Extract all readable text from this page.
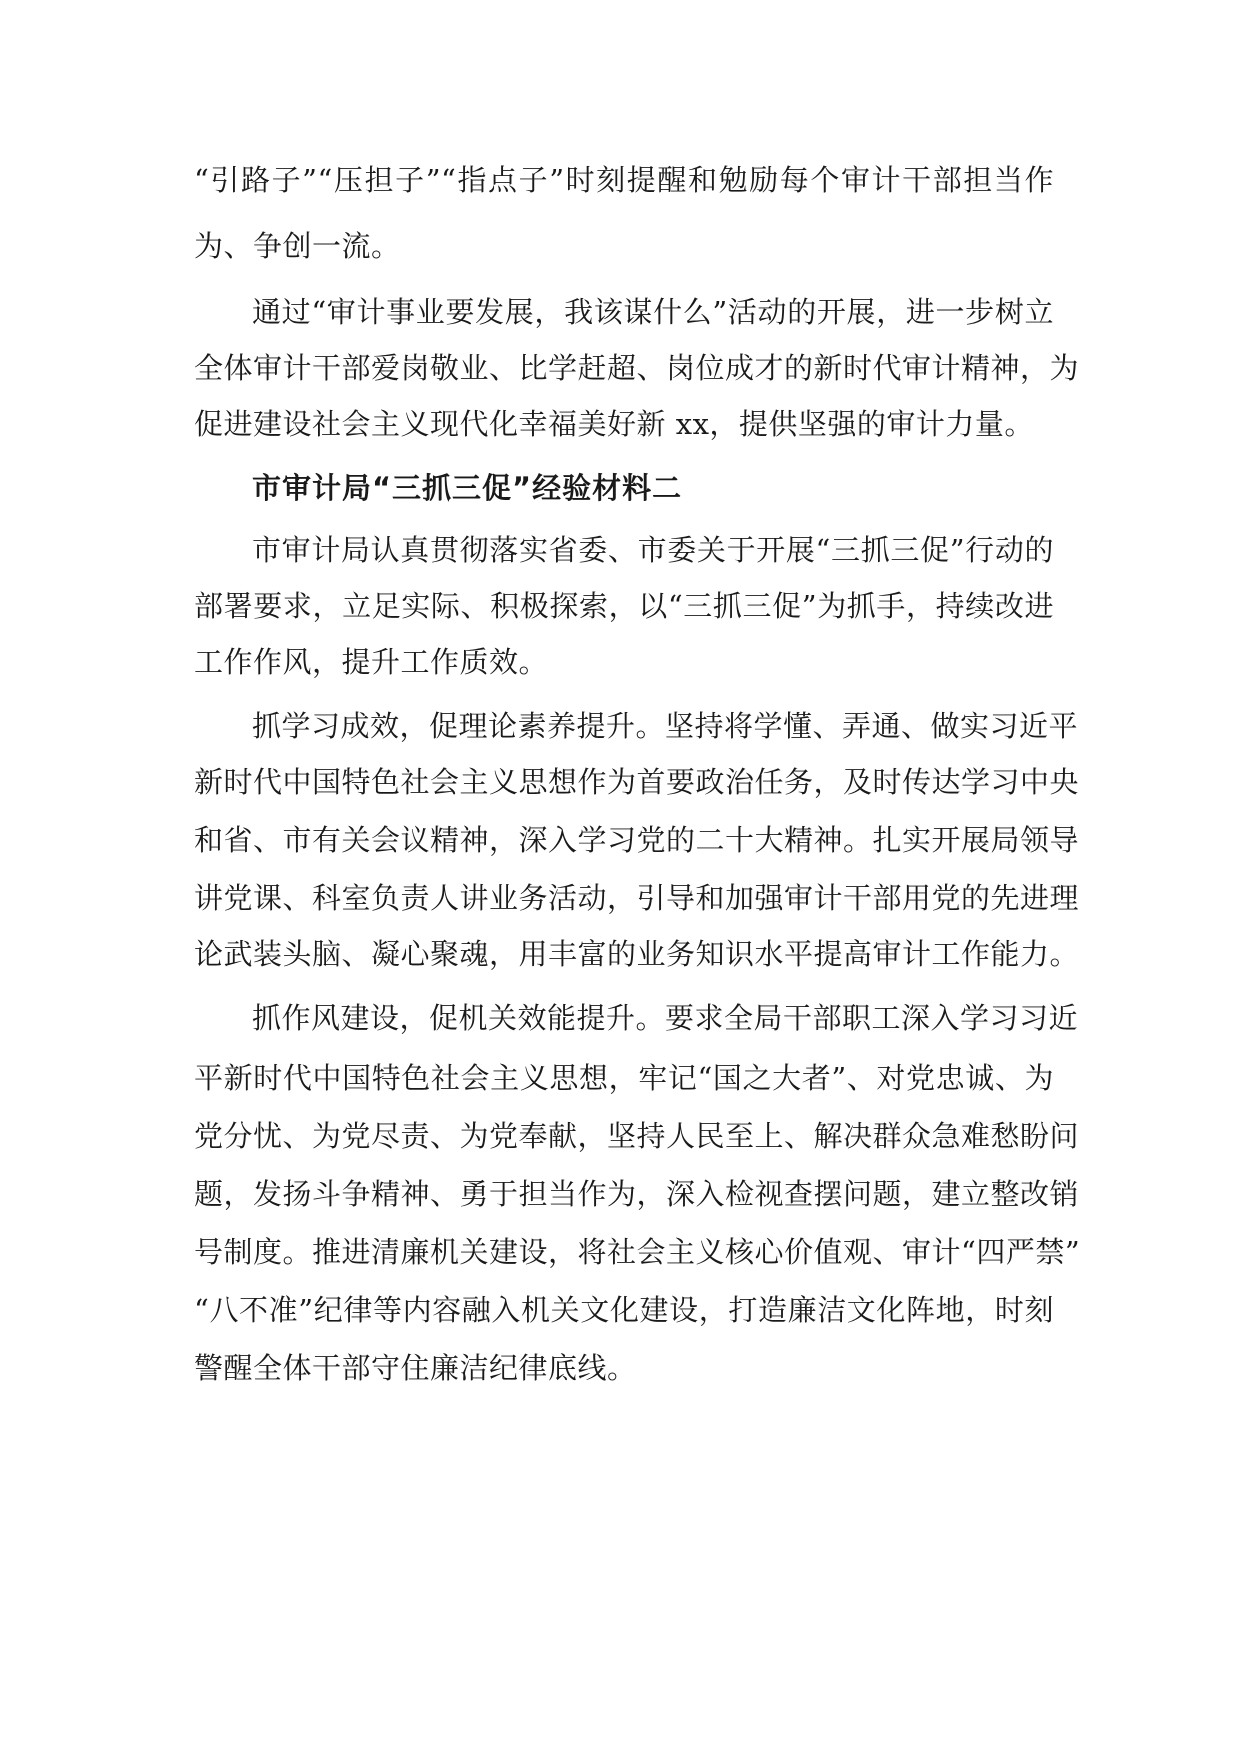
“引路子”“压担子”“指点子”时刻提醒和勉励每个审计干部担当作

为、争创一流。

通过“审计事业要发展，我该谋什么”活动的开展，进一步树立

全体审计干部爱岗敬业、比学赶超、岗位成才的新时代审计精神，为

促进建设社会主义现代化幸福美好新 xx，提供坚强的审计力量。

市审计局“三抓三促”经验材料二

市审计局认真贯彻落实省委、市委关于开展“三抓三促”行动的

部署要求，立足实际、积极探索，以“三抓三促”为抓手，持续改进

工作作风，提升工作质效。

抓学习成效，促理论素养提升。坚持将学懂、弄通、做实习近平

新时代中国特色社会主义思想作为首要政治任务，及时传达学习中央

和省、市有关会议精神，深入学习党的二十大精神。扎实开展局领导

讲党课、科室负责人讲业务活动，引导和加强审计干部用党的先进理

论武装头脑、凝心聚魂，用丰富的业务知识水平提高审计工作能力。

抓作风建设，促机关效能提升。要求全局干部职工深入学习习近

平新时代中国特色社会主义思想，牢记“国之大者”、对党忠诚、为

党分忧、为党尽责、为党奉献，坚持人民至上、解决群众急难愁盼问

题，发扬斗争精神、勇于担当作为，深入检视查摆问题，建立整改销

号制度。推进清廉机关建设，将社会主义核心价值观、审计“四严禁”

“八不准”纪律等内容融入机关文化建设，打造廉洁文化阵地，时刻

警醒全体干部守住廉洁纪律底线。
